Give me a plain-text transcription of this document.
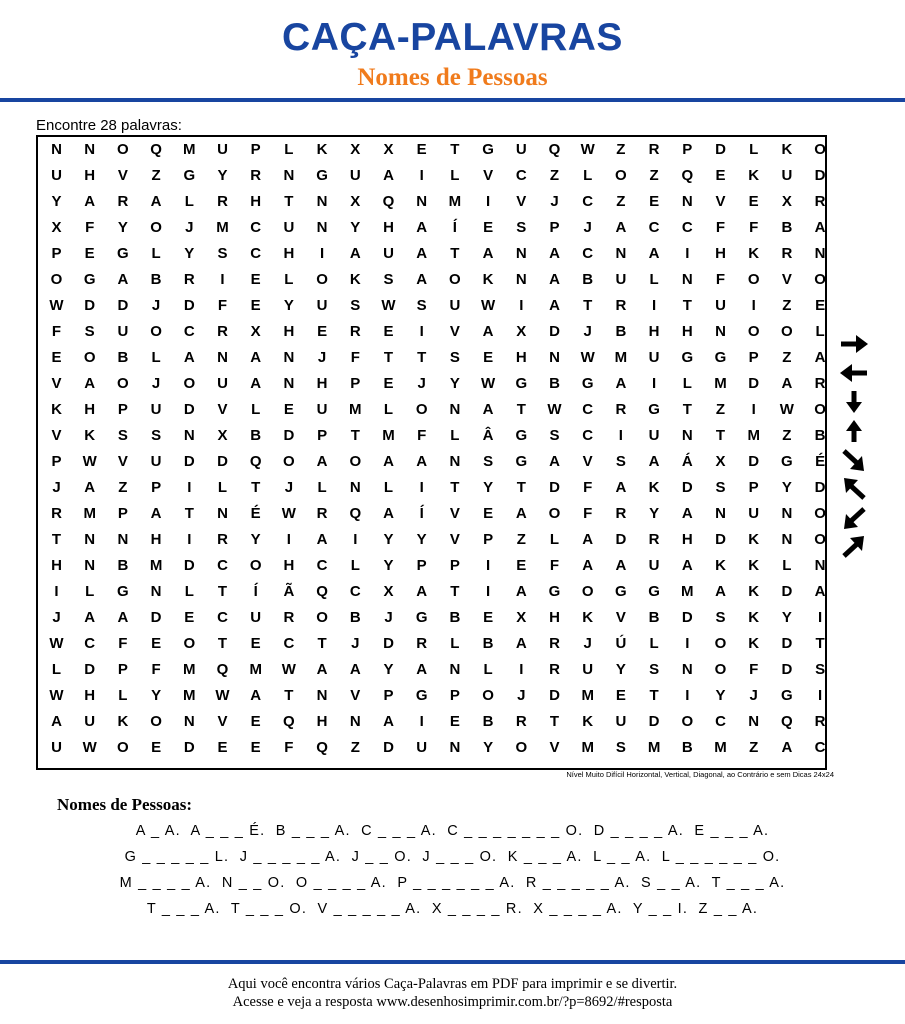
CAÇA-PALAVRAS
Nomes de Pessoas
Encontre 28 palavras:
N	N	O	Q	M	U	P	L	K	X	X	E	T	G	U	Q	W	Z	R	P	D	L	K	O
U	H	V	Z	G	Y	R	N	G	U	A	I	L	V	C	Z	L	O	Z	Q	E	K	U	D
Y	A	R	A	L	R	H	T	N	X	Q	N	M	I	V	J	C	Z	E	N	V	E	X	R
X	F	Y	O	J	M	C	U	N	Y	H	A	Í	E	S	P	J	A	C	C	F	F	B	A
P	E	G	L	Y	S	C	H	I	A	U	A	T	A	N	A	C	N	A	I	H	K	R	N
O	G	A	B	R	I	E	L	O	K	S	A	O	K	N	A	B	U	L	N	F	O	V	O
W	D	D	J	D	F	E	Y	U	S	W	S	U	W	I	A	T	R	I	T	U	I	Z	E
F	S	U	O	C	R	X	H	E	R	E	I	V	A	X	D	J	B	H	H	N	O	O	L
E	O	B	L	A	N	A	N	J	F	T	T	S	E	H	N	W	M	U	G	G	P	Z	A
V	A	O	J	O	U	A	N	H	P	E	J	Y	W	G	B	G	A	I	L	M	D	A	R
K	H	P	U	D	V	L	E	U	M	L	O	N	A	T	W	C	R	G	T	Z	I	W	O
V	K	S	S	N	X	B	D	P	T	M	F	L	Â	G	S	C	I	U	N	T	M	Z	B
P	W	V	U	D	D	Q	O	A	O	A	A	N	S	G	A	V	S	A	Á	X	D	G	É
J	A	Z	P	I	L	T	J	L	N	L	I	T	Y	T	D	F	A	K	D	S	P	Y	D
R	M	P	A	T	N	É	W	R	Q	A	Í	V	E	A	O	F	R	Y	A	N	U	N	O
T	N	N	H	I	R	Y	I	A	I	Y	Y	V	P	Z	L	A	D	R	H	D	K	N	O
H	N	B	M	D	C	O	H	C	L	Y	P	P	I	E	F	A	A	U	A	K	K	L	N
I	L	G	N	L	T	Í	Ã	Q	C	X	A	T	I	A	G	O	G	G	M	A	K	D	A
J	A	A	D	E	C	U	R	O	B	J	G	B	E	X	H	K	V	B	D	S	K	Y	I
W	C	F	E	O	T	E	C	T	J	D	R	L	B	A	R	J	Ú	L	I	O	K	D	T
L	D	P	F	M	Q	M	W	A	A	Y	A	N	L	I	R	U	Y	S	N	O	F	D	S
W	H	L	Y	M	W	A	T	N	V	P	G	P	O	J	D	M	E	T	I	Y	J	G	I
A	U	K	O	N	V	E	Q	H	N	A	I	E	B	R	T	K	U	D	O	C	N	Q	R
U	W	O	E	D	E	E	F	Q	Z	D	U	N	Y	O	V	M	S	M	B	M	Z	A	C
Nível Muito Difícil Horizontal, Vertical, Diagonal, ao Contrário e sem Dicas 24x24
Nomes de Pessoas:
A _ A.  A _ _ _ É.  B _ _ _ A.  C _ _ _ A.  C _ _ _ _ _ _ _ O.  D _ _ _ _ A.  E _ _ _ A.
G _ _ _ _ _ L.  J _ _ _ _ _ A.  J _ _ O.  J _ _ _ O.  K _ _ _ A.  L _ _ A.  L _ _ _ _ _ _ O.
M _ _ _ _ A.  N _ _ O.  O _ _ _ _ A.  P _ _ _ _ _ _ A.  R _ _ _ _ _ A.  S _ _ A.  T _ _ _ A.
T _ _ _ A.  T _ _ _ O.  V _ _ _ _ _ A.  X _ _ _ _ R.  X _ _ _ _ A.  Y _ _ I.  Z _ _ A.
Aqui você encontra vários Caça-Palavras em PDF para imprimir e se divertir.
Acesse e veja a resposta www.desenhosimprimir.com.br/?p=8692/#resposta
